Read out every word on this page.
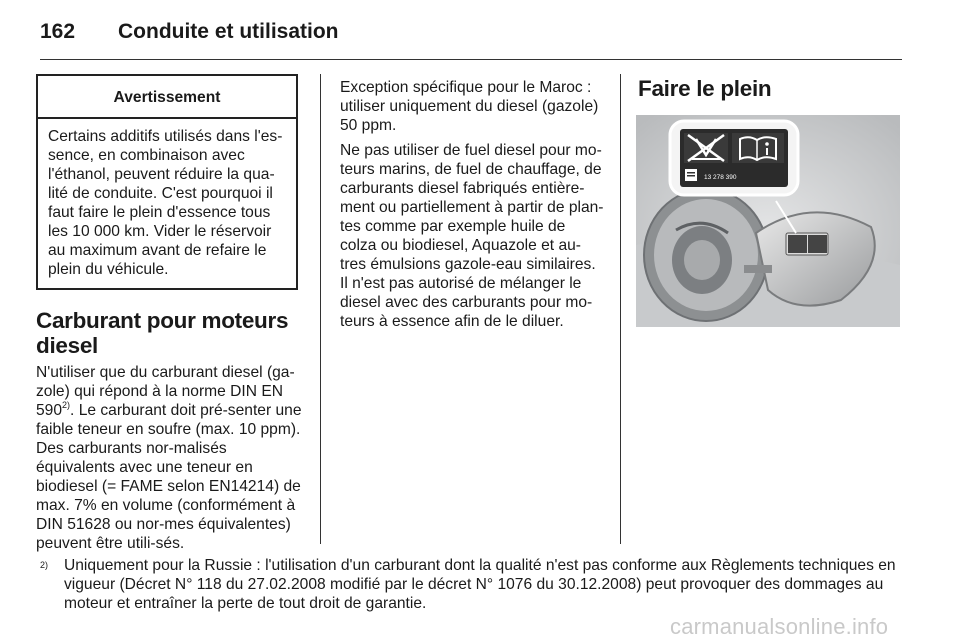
162 Conduite et utilisation
Avertissement
Certains additifs utilisés dans l'es-sence, en combinaison avec l'éthanol, peuvent réduire la qua-lité de conduite. C'est pourquoi il faut faire le plein d'essence tous les 10 000 km. Vider le réservoir au maximum avant de refaire le plein du véhicule.
Carburant pour moteurs diesel

N'utiliser que du carburant diesel (ga-zole) qui répond à la norme DIN EN 590$^{2)}$. Le carburant doit pré-senter une faible teneur en soufre (max. 10 ppm). Des carburants nor-malisés équivalents avec une teneur en biodiesel (= FAME selon EN14214) de max. 7% en volume (conformément à DIN 51628 ou nor-mes équivalentes) peuvent être utili-sés.

Exception spécifique pour le Maroc : utiliser uniquement du diesel (gazole) 50 ppm.

Ne pas utiliser de fuel diesel pour mo-teurs marins, de fuel de chauffage, de carburants diesel fabriqués entière-ment ou partiellement à partir de plan-tes comme par exemple huile de colza ou biodiesel, Aquazole et au-tres émulsions gazole-eau similaires. Il n'est pas autorisé de mélanger le diesel avec des carburants pour mo-teurs à essence afin de le diluer.

Faire le plein
13 278 390
2) Uniquement pour la Russie : l'utilisation d'un carburant dont la qualité n'est pas conforme aux Règlements techniques en vigueur (Décret N° 118 du 27.02.2008 modifié par le décret N° 1076 du 30.12.2008) peut provoquer des dommages au moteur et entraîner la perte de tout droit de garantie.
carmanualsonline.info
